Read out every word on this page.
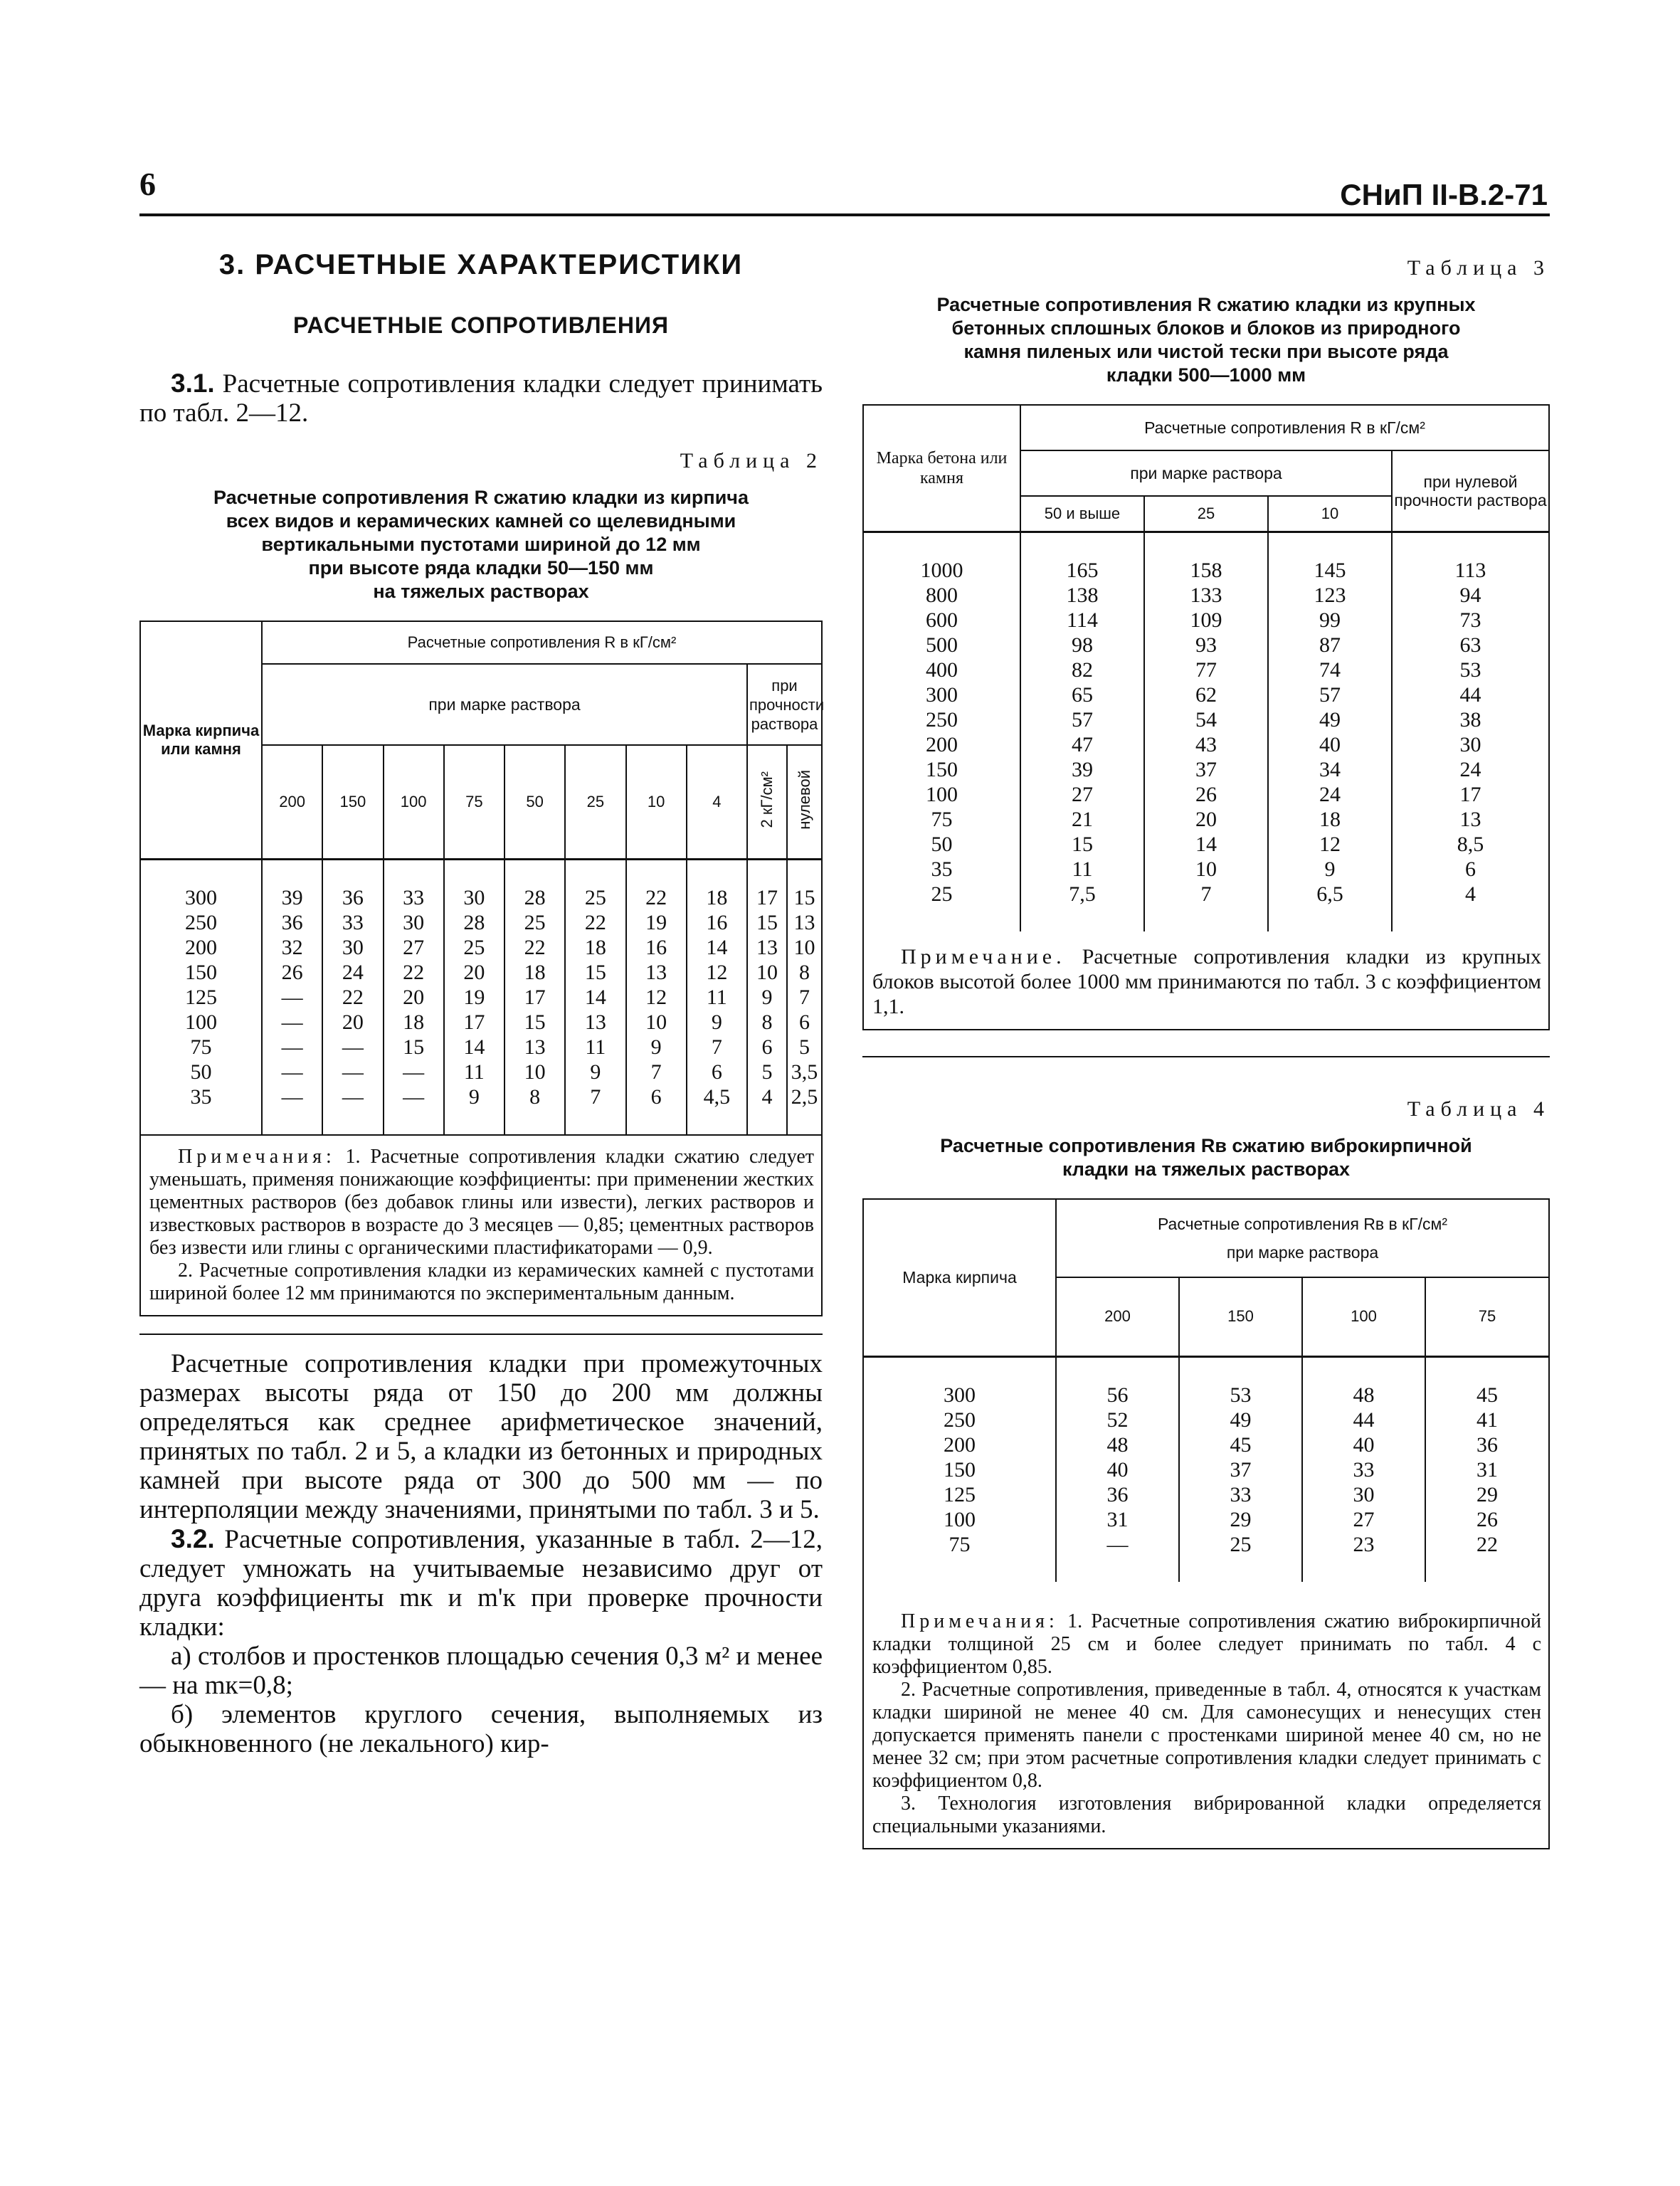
6	СНиП II-В.2-71
3. РАСЧЕТНЫЕ ХАРАКТЕРИСТИКИ
РАСЧЕТНЫЕ СОПРОТИВЛЕНИЯ

3.1. Расчетные сопротивления кладки следует принимать по табл. 2—12.

Таблица 2
Расчетные сопротивления R сжатию кладки из кирпича
всех видов и керамических камней со щелевидными
вертикальными пустотами шириной до 12 мм
при высоте ряда кладки 50—150 мм
на тяжелых растворах
Марка кирпича или камня	Расчетные сопротивления R в кГ/см²									
	при марке раствора								при прочности раствора	
	200	150	100	75	50	25	10	4	2 кГ/см²	нулевой

300	39	36	33	30	28	25	22	18	17	15
250	36	33	30	28	25	22	19	16	15	13
200	32	30	27	25	22	18	16	14	13	10
150	26	24	22	20	18	15	13	12	10	8
125	—	22	20	19	17	14	12	11	9	7
100	—	20	18	17	15	13	10	9	8	6
75	—	—	15	14	13	11	9	7	6	5
50	—	—	—	11	10	9	7	6	5	3,5
35	—	—	—	9	8	7	6	4,5	4	2,5

Примечания: 1. Расчетные сопротивления кладки сжатию следует уменьшать, применяя понижающие коэффициенты: при применении жестких цементных растворов (без добавок глины или извести), легких растворов и известковых растворов в возрасте до 3 месяцев — 0,85; цементных растворов без извести или глины с органическими пластификаторами — 0,9.

2. Расчетные сопротивления кладки из керамических камней с пустотами шириной более 12 мм принимаются по экспериментальным данным.

Расчетные сопротивления кладки при промежуточных размерах высоты ряда от 150 до 200 мм должны определяться как среднее арифметическое значений, принятых по табл. 2 и 5, а кладки из бетонных и природных камней при высоте ряда от 300 до 500 мм — по интерполяции между значениями, принятыми по табл. 3 и 5.

3.2. Расчетные сопротивления, указанные в табл. 2—12, следует умножать на учитываемые независимо друг от друга коэффициенты mк и m'к при проверке прочности кладки:

а) столбов и простенков площадью сечения 0,3 м² и менее — на mк=0,8;

б) элементов круглого сечения, выполняемых из обыкновенного (не лекального) кир-

Таблица 3
Расчетные сопротивления R сжатию кладки из крупных
бетонных сплошных блоков и блоков из природного
камня пиленых или чистой тески при высоте ряда
кладки 500—1000 мм
Марка бетона или камня	Расчетные сопротивления R в кГ/см²			
	при марке раствора			при нулевой прочности раствора
	50 и выше	25	10	

1000	165	158	145	113
800	138	133	123	94
600	114	109	99	73
500	98	93	87	63
400	82	77	74	53
300	65	62	57	44
250	57	54	49	38
200	47	43	40	30
150	39	37	34	24
100	27	26	24	17
75	21	20	18	13
50	15	14	12	8,5
35	11	10	9	6
25	7,5	7	6,5	4

Примечание. Расчетные сопротивления кладки из крупных блоков высотой более 1000 мм принимаются по табл. 3 с коэффициентом 1,1.

Таблица 4
Расчетные сопротивления Rв сжатию виброкирпичной
кладки на тяжелых растворах
Марка кирпича	Расчетные сопротивления Rв в кГ/см²
при марке раствора			

	200	150	100	75

300	56	53	48	45
250	52	49	44	41
200	48	45	40	36
150	40	37	33	31
125	36	33	30	29
100	31	29	27	26
75	—	25	23	22

Примечания: 1. Расчетные сопротивления сжатию виброкирпичной кладки толщиной 25 см и более следует принимать по табл. 4 с коэффициентом 0,85.

2. Расчетные сопротивления, приведенные в табл. 4, относятся к участкам кладки шириной не менее 40 см. Для самонесущих и ненесущих стен допускается применять панели с простенками шириной менее 40 см, но не менее 32 см; при этом расчетные сопротивления кладки следует принимать с коэффициентом 0,8.

3. Технология изготовления вибрированной кладки определяется специальными указаниями.
